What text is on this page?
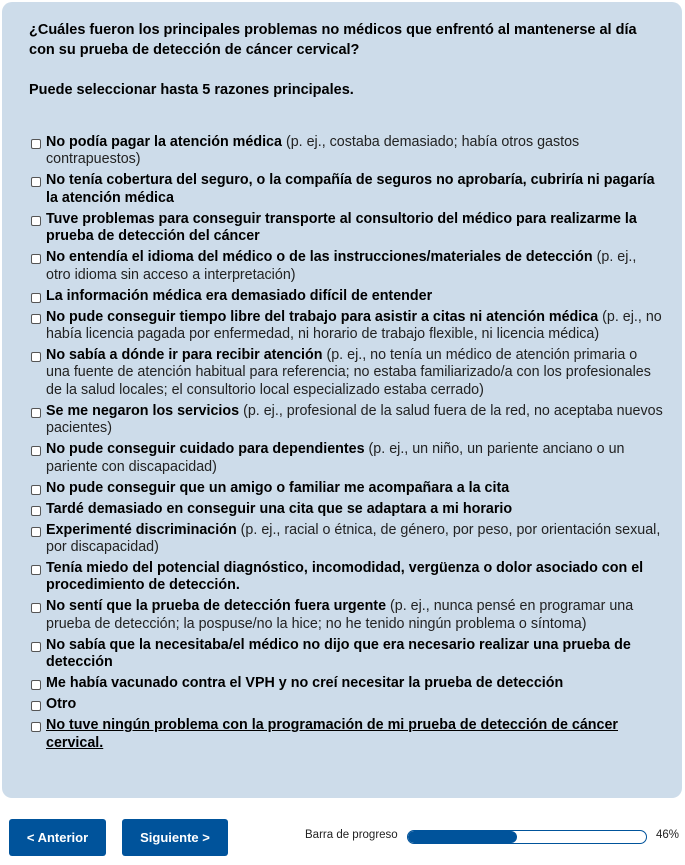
¿Cuáles fueron los principales problemas no médicos que enfrentó al mantenerse al día con su prueba de detección de cáncer cervical?
Puede seleccionar hasta 5 razones principales.
No podía pagar la atención médica (p. ej., costaba demasiado; había otros gastos contrapuestos)
No tenía cobertura del seguro, o la compañía de seguros no aprobaría, cubriría ni pagaría la atención médica
Tuve problemas para conseguir transporte al consultorio del médico para realizarme la prueba de detección del cáncer
No entendía el idioma del médico o de las instrucciones/materiales de detección (p. ej., otro idioma sin acceso a interpretación)
La información médica era demasiado difícil de entender
No pude conseguir tiempo libre del trabajo para asistir a citas ni atención médica (p. ej., no había licencia pagada por enfermedad, ni horario de trabajo flexible, ni licencia médica)
No sabía a dónde ir para recibir atención (p. ej., no tenía un médico de atención primaria o una fuente de atención habitual para referencia; no estaba familiarizado/a con los profesionales de la salud locales; el consultorio local especializado estaba cerrado)
Se me negaron los servicios (p. ej., profesional de la salud fuera de la red, no aceptaba nuevos pacientes)
No pude conseguir cuidado para dependientes (p. ej., un niño, un pariente anciano o un pariente con discapacidad)
No pude conseguir que un amigo o familiar me acompañara a la cita
Tardé demasiado en conseguir una cita que se adaptara a mi horario
Experimenté discriminación (p. ej., racial o étnica, de género, por peso, por orientación sexual, por discapacidad)
Tenía miedo del potencial diagnóstico, incomodidad, vergüenza o dolor asociado con el procedimiento de detección.
No sentí que la prueba de detección fuera urgente (p. ej., nunca pensé en programar una prueba de detección; la pospuse/no la hice; no he tenido ningún problema o síntoma)
No sabía que la necesitaba/el médico no dijo que era necesario realizar una prueba de detección
Me había vacunado contra el VPH y no creí necesitar la prueba de detección
Otro
No tuve ningún problema con la programación de mi prueba de detección de cáncer cervical.
< Anterior	Siguiente >	Barra de progreso	46%
